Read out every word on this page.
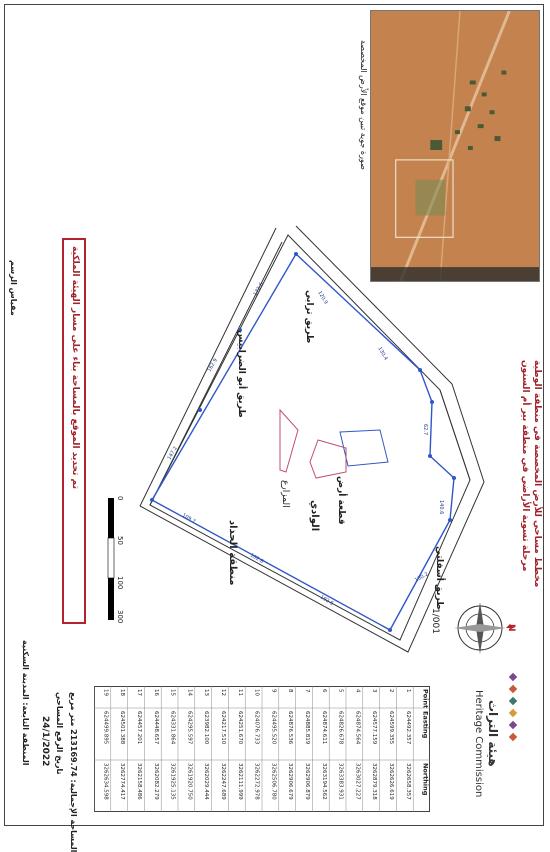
صورة جوية تبين موقع الأرض المخصصة
120.9
130.4
62.7
140.6
150.2
192.5
102.8
109.7
147.2
162.9
172.6
طريق ترابي
طريق أبو الضرابيس
طريق أسفلتي
الوادي قطعة أرض
المزارع
منطقة الحداد
1/001
مخطط مساحي للأرض المخصصة في منطقة الوطية
مرحلة تسوية الأراضي في منطقة بير أم السنون
تم تحديد الموقع بالمساحة بناء على مسار الهيئة الملكية
0
50
100
300
N
المنطقة التابعة: المدينة السكنية
مقياس الرسم
Point
Easting
Northing
1
624492.357
3262658.357
2
624599.355
3262626.619
3
624577.159
3262879.318
4
624874.564
3263027.227
5
624826.678
3263383.931
6
624874.611
3263194.562
7
624885.819
3262906.879
8
624876.536
3262906.679
9
624495.520
3262506.780
10
624076.733
3262272.978
11
624251.670
3262111.999
12
624217.510
3262247.689
13
623982.100
3262029.444
14
624295.597
3261920.750
15
624331.864
3261925.135
16
624448.657
3262082.279
17
624457.201
3262158.486
18
624501.388
3262774.417
19
624499.895
3262634.598
المساحة الإجمالية: 213169.74 متر مربع
تاريخ الرفع المساحي
24/1/2022	هيئة التراث
Heritage Commission
